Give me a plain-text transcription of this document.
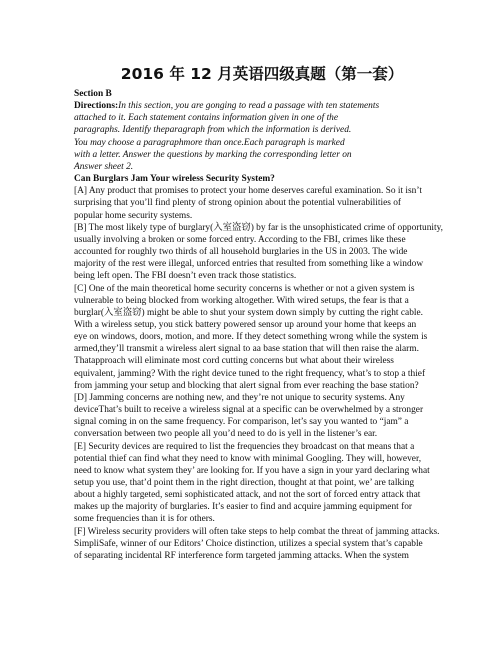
2016 年 12 月英语四级真题（第一套）
Section B
Directions:In this section, you are gonging to read a passage with ten statements
attached to it. Each statement contains information given in one of the
paragraphs. Identify theparagraph from which the information is derived.
You may choose a paragraphmore than once.Each paragraph is marked
with a letter. Answer the questions by marking the corresponding letter on
Answer sheet 2.
Can Burglars Jam Your wireless Security System?
[A] Any product that promises to protect your home deserves careful examination. So it isn’t
surprising that you’ll find plenty of strong opinion about the potential vulnerabilities of
popular home security systems.
[B] The most likely type of burglary(入室盗窃) by far is the unsophisticated crime of opportunity,
usually involving a broken or some forced entry. According to the FBI, crimes like these
accounted for roughly two thirds of all household burglaries in the US in 2003. The wide
majority of the rest were illegal, unforced entries that resulted from something like a window
being left open. The FBI doesn’t even track those statistics.
[C] One of the main theoretical home security concerns is whether or not a given system is
vulnerable to being blocked from working altogether. With wired setups, the fear is that a
burglar(入室盗窃) might be able to shut your system down simply by cutting the right cable.
With a wireless setup, you stick battery powered sensor up around your home that keeps an
eye on windows, doors, motion, and more. If they detect something wrong while the system is
armed,they’ll transmit a wireless alert signal to aa base station that will then raise the alarm.
Thatapproach will eliminate most cord cutting concerns but what about their wireless
equivalent, jamming? With the right device tuned to the right frequency, what’s to stop a thief
from jamming your setup and blocking that alert signal from ever reaching the base station?
[D] Jamming concerns are nothing new, and they’re not unique to security systems. Any
deviceThat’s built to receive a wireless signal at a specific can be overwhelmed by a stronger
signal coming in on the same frequency. For comparison, let’s say you wanted to “jam” a
conversation between two people all you’d need to do is yell in the listener’s ear.
[E] Security devices are required to list the frequencies they broadcast on that means that a
potential thief can find what they need to know with minimal Googling. They will, however,
need to know what system they’ are looking for. If you have a sign in your yard declaring what
setup you use, that’d point them in the right direction, thought at that point, we’ are talking
about a highly targeted, semi sophisticated attack, and not the sort of forced entry attack that
makes up the majority of burglaries. It’s easier to find and acquire jamming equipment for
some frequencies than it is for others.
[F] Wireless security providers will often take steps to help combat the threat of jamming attacks.
SimpliSafe, winner of our Editors’ Choice distinction, utilizes a special system that’s capable
of separating incidental RF interference form targeted jamming attacks. When the system
